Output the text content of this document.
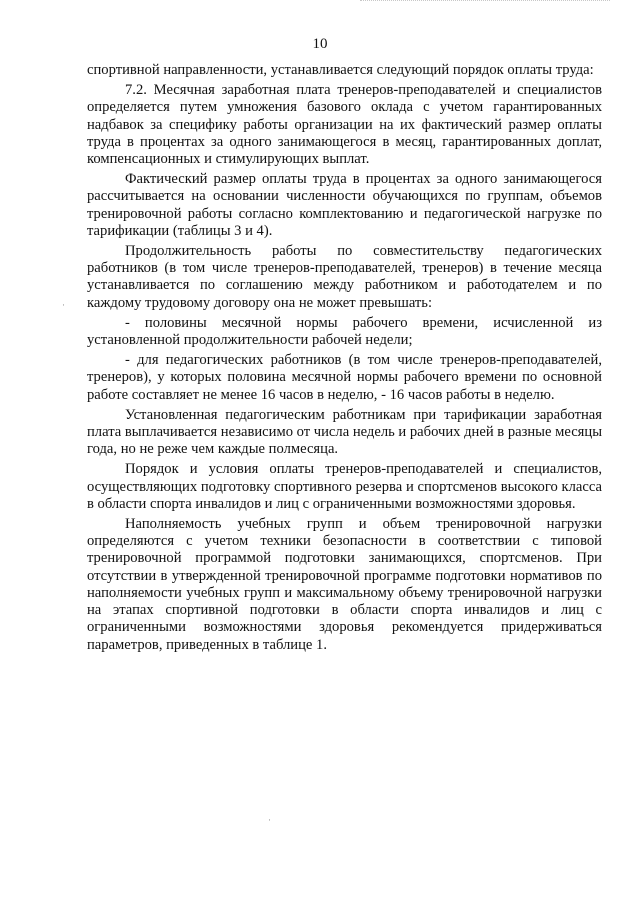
10

спортивной направленности, устанавливается следующий порядок оплаты труда:

7.2. Месячная заработная плата тренеров-преподавателей и специалистов определяется путем умножения базового оклада с учетом гарантированных надбавок за специфику работы организации на их фактический размер оплаты труда в процентах за одного занимающегося в месяц, гарантированных доплат, компенсационных и стимулирующих выплат.

Фактический размер оплаты труда в процентах за одного занимающегося рассчитывается на основании численности обучающихся по группам, объемов тренировочной работы согласно комплектованию и педагогической нагрузке по тарификации (таблицы 3 и 4).

Продолжительность работы по совместительству педагогических работников (в том числе тренеров-преподавателей, тренеров) в течение месяца устанавливается по соглашению между работником и работодателем и по каждому трудовому договору она не может превышать:

- половины месячной нормы рабочего времени, исчисленной из установленной продолжительности рабочей недели;

- для педагогических работников (в том числе тренеров-преподавателей, тренеров), у которых половина месячной нормы рабочего времени по основной работе составляет не менее 16 часов в неделю, - 16 часов работы в неделю.

Установленная педагогическим работникам при тарификации заработная плата выплачивается независимо от числа недель и рабочих дней в разные месяцы года, но не реже чем каждые полмесяца.

Порядок и условия оплаты тренеров-преподавателей и специалистов, осуществляющих подготовку спортивного резерва и спортсменов высокого класса в области спорта инвалидов и лиц с ограниченными возможностями здоровья.

Наполняемость учебных групп и объем тренировочной нагрузки определяются с учетом техники безопасности в соответствии с типовой тренировочной программой подготовки занимающихся, спортсменов. При отсутствии в утвержденной тренировочной программе подготовки нормативов по наполняемости учебных групп и максимальному объему тренировочной нагрузки на этапах спортивной подготовки в области спорта инвалидов и лиц с ограниченными возможностями здоровья рекомендуется придерживаться параметров, приведенных в таблице 1.

·
·
